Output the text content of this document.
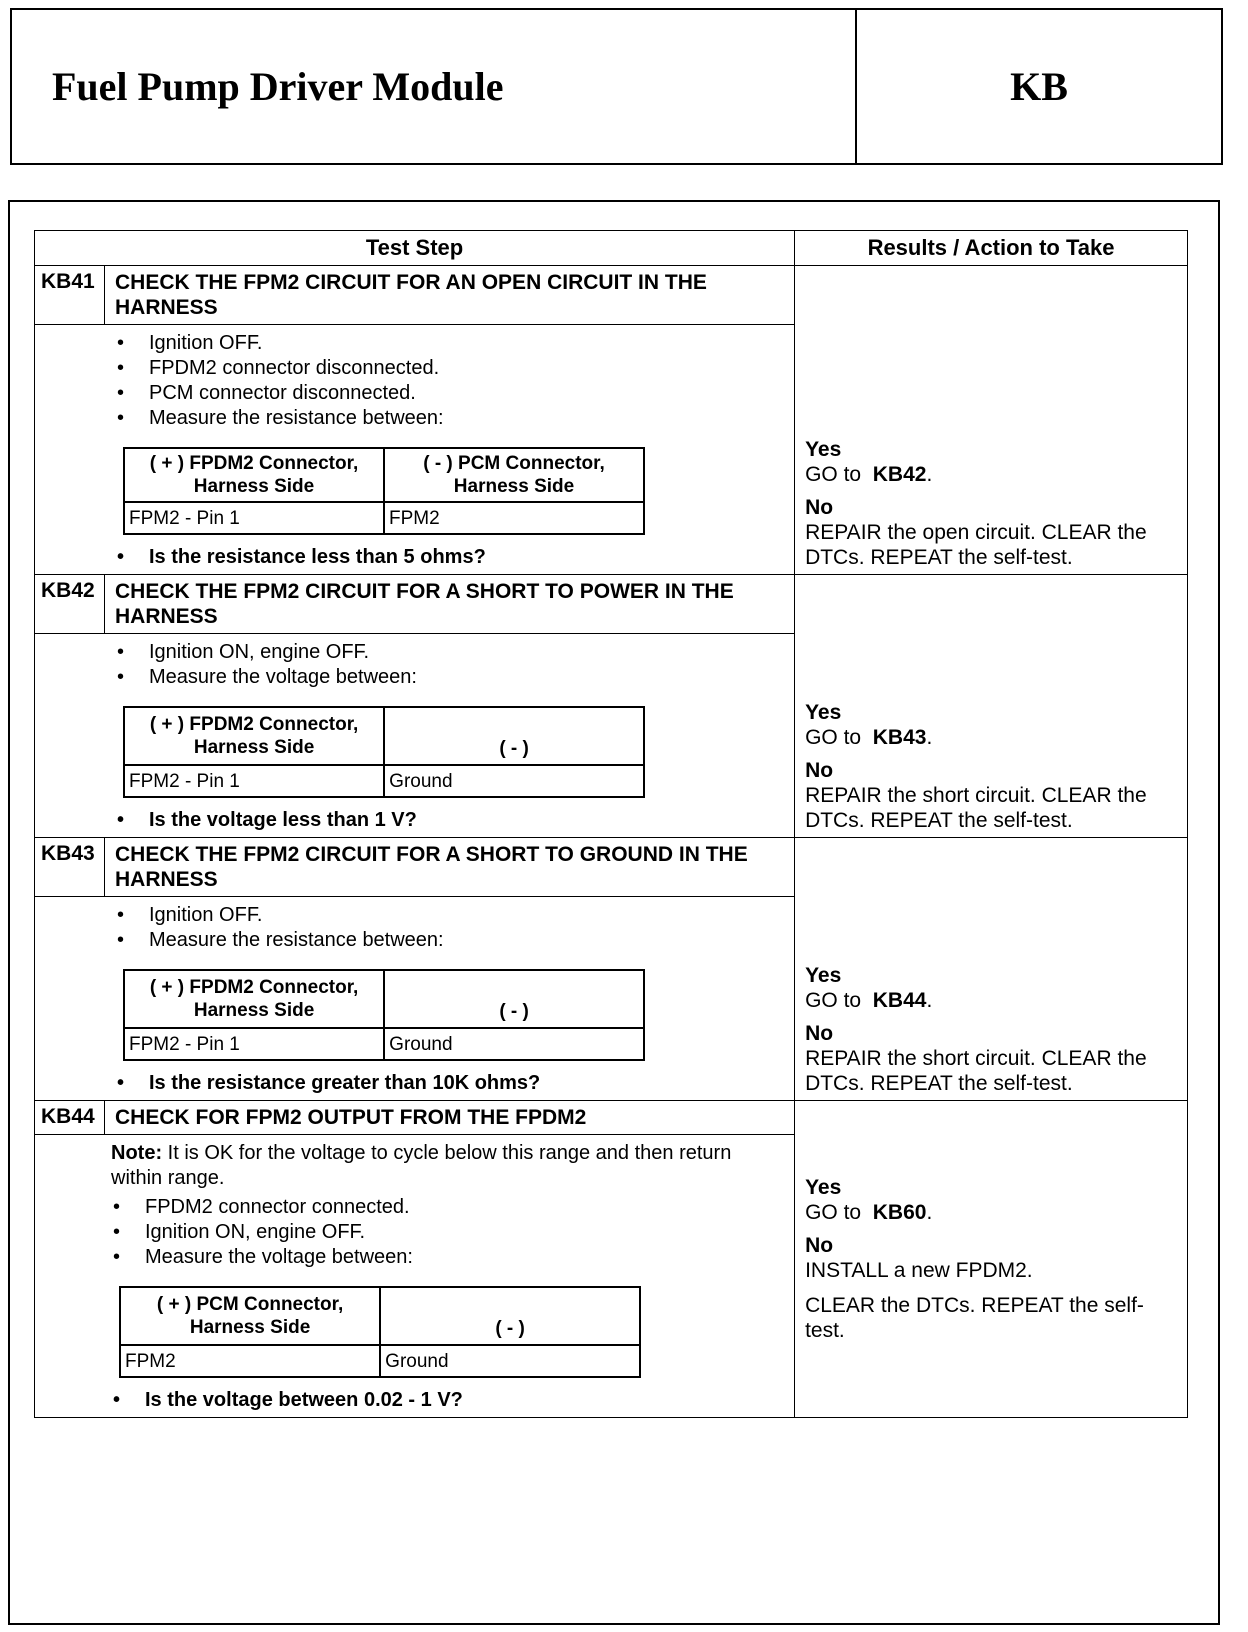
Fuel Pump Driver Module	KB
Test Step	Results / Action to Take

KB41 CHECK THE FPM2 CIRCUIT FOR AN OPEN CIRCUIT IN THE HARNESS
• Ignition OFF.
• FPDM2 connector disconnected.
• PCM connector disconnected.
• Measure the resistance between:
( + ) FPDM2 Connector, Harness Side	( - ) PCM Connector, Harness Side
FPM2 - Pin 1	FPM2
• Is the resistance less than 5 ohms?

Yes
GO to KB42.
No
REPAIR the open circuit. CLEAR the DTCs. REPEAT the self-test.

KB42 CHECK THE FPM2 CIRCUIT FOR A SHORT TO POWER IN THE HARNESS
• Ignition ON, engine OFF.
• Measure the voltage between:
( + ) FPDM2 Connector, Harness Side	( - )
FPM2 - Pin 1	Ground
• Is the voltage less than 1 V?

Yes
GO to KB43.
No
REPAIR the short circuit. CLEAR the DTCs. REPEAT the self-test.

KB43 CHECK THE FPM2 CIRCUIT FOR A SHORT TO GROUND IN THE HARNESS
• Ignition OFF.
• Measure the resistance between:
( + ) FPDM2 Connector, Harness Side	( - )
FPM2 - Pin 1	Ground
• Is the resistance greater than 10K ohms?

Yes
GO to KB44.
No
REPAIR the short circuit. CLEAR the DTCs. REPEAT the self-test.

KB44 CHECK FOR FPM2 OUTPUT FROM THE FPDM2
Note: It is OK for the voltage to cycle below this range and then return within range.
• FPDM2 connector connected.
• Ignition ON, engine OFF.
• Measure the voltage between:
( + ) PCM Connector, Harness Side	( - )
FPM2	Ground
• Is the voltage between 0.02 - 1 V?

Yes
GO to KB60.
No
INSTALL a new FPDM2.
CLEAR the DTCs. REPEAT the self-test.
